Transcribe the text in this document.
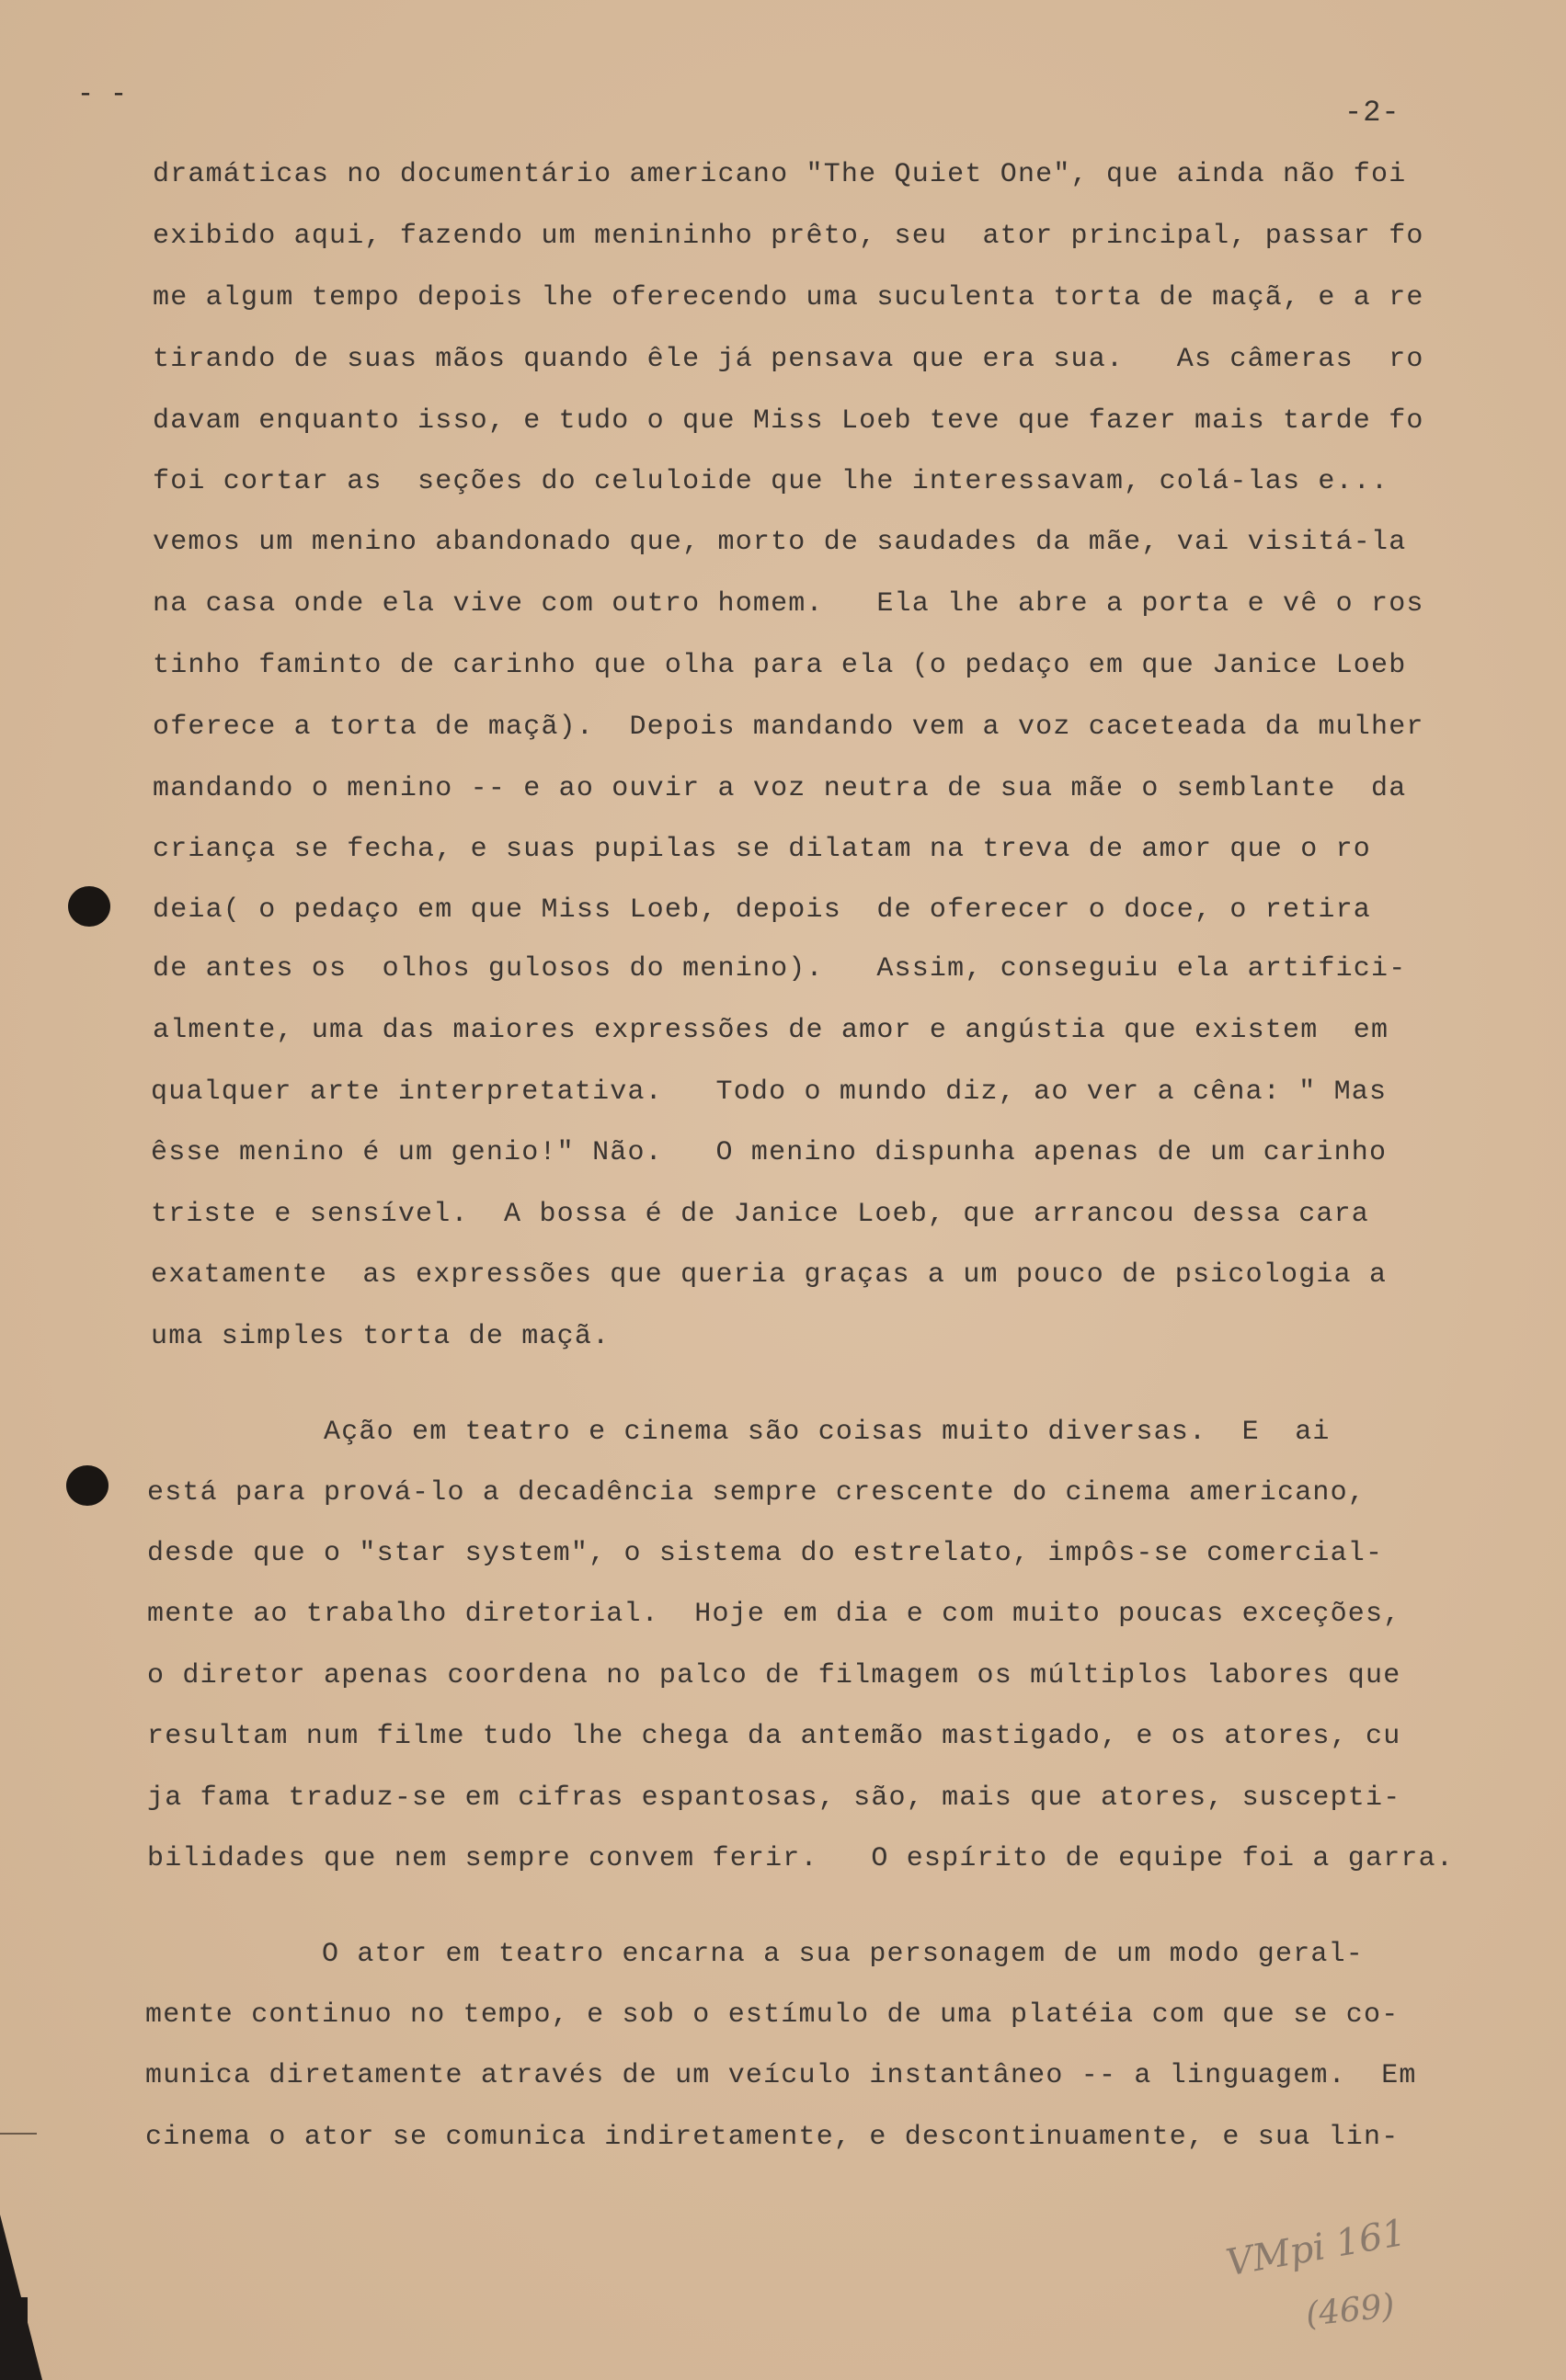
- -
-2-
dramáticas no documentário americano "The Quiet One", que ainda não foi
exibido aqui, fazendo um menininho prêto, seu  ator principal, passar fo
me algum tempo depois lhe oferecendo uma suculenta torta de maçã, e a re
tirando de suas mãos quando êle já pensava que era sua.   As câmeras  ro
davam enquanto isso, e tudo o que Miss Loeb teve que fazer mais tarde fo
foi cortar as  seções do celuloide que lhe interessavam, colá-las e...
vemos um menino abandonado que, morto de saudades da mãe, vai visitá-la
na casa onde ela vive com outro homem.   Ela lhe abre a porta e vê o ros
tinho faminto de carinho que olha para ela (o pedaço em que Janice Loeb
oferece a torta de maçã).  Depois mandando vem a voz caceteada da mulher
mandando o menino -- e ao ouvir a voz neutra de sua mãe o semblante  da
criança se fecha, e suas pupilas se dilatam na treva de amor que o ro
deia( o pedaço em que Miss Loeb, depois  de oferecer o doce, o retira
de antes os  olhos gulosos do menino).   Assim, conseguiu ela artifici-
almente, uma das maiores expressões de amor e angústia que existem  em
qualquer arte interpretativa.   Todo o mundo diz, ao ver a cêna: " Mas
êsse menino é um genio!" Não.   O menino dispunha apenas de um carinho
triste e sensível.  A bossa é de Janice Loeb, que arrancou dessa cara
exatamente  as expressões que queria graças a um pouco de psicologia a
uma simples torta de maçã.
Ação em teatro e cinema são coisas muito diversas.  E  ai
está para prová-lo a decadência sempre crescente do cinema americano,
desde que o "star system", o sistema do estrelato, impôs-se comercial-
mente ao trabalho diretorial.  Hoje em dia e com muito poucas exceções,
o diretor apenas coordena no palco de filmagem os múltiplos labores que
resultam num filme tudo lhe chega da antemão mastigado, e os atores, cu
ja fama traduz-se em cifras espantosas, são, mais que atores, suscepti-
bilidades que nem sempre convem ferir.   O espírito de equipe foi a garra.
O ator em teatro encarna a sua personagem de um modo geral-
mente continuo no tempo, e sob o estímulo de uma platéia com que se co-
munica diretamente através de um veículo instantâneo -- a linguagem.  Em
cinema o ator se comunica indiretamente, e descontinuamente, e sua lin-
VMpi 161
(469)
